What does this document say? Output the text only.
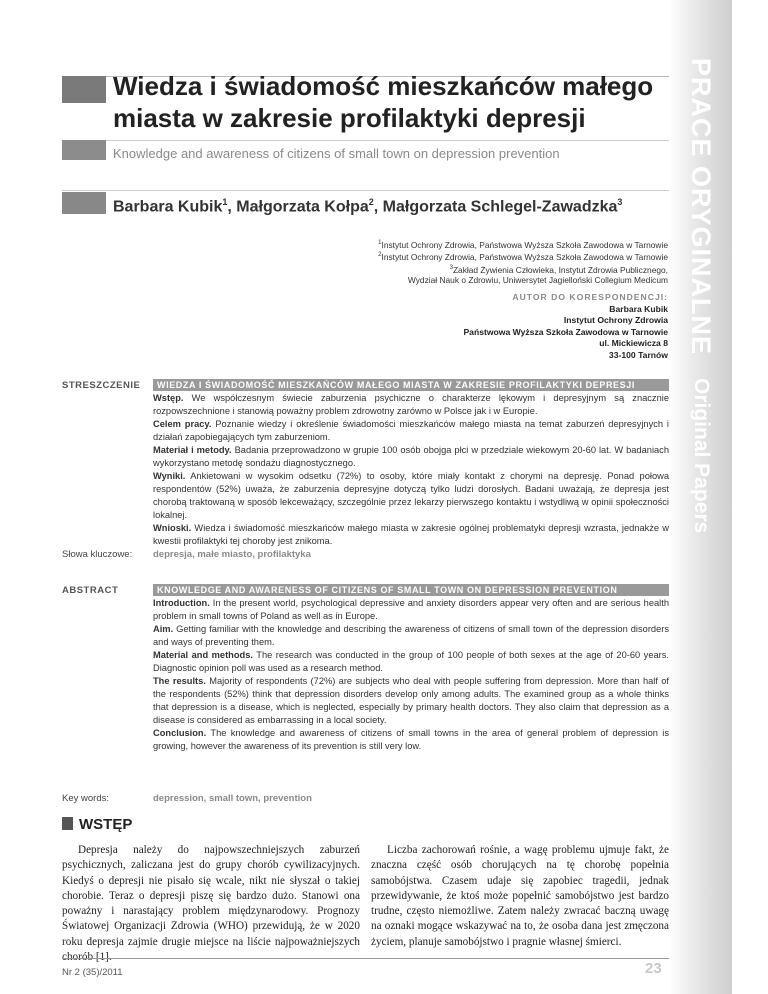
PRACE ORYGINALNE
Original Papers
Wiedza i świadomość mieszkańców małego miasta w zakresie profilaktyki depresji
Knowledge and awareness of citizens of small town on depression prevention
Barbara Kubik$^1$, Małgorzata Kołpa$^2$, Małgorzata Schlegel-Zawadzka$^3$
$^1$Instytut Ochrony Zdrowia, Państwowa Wyższa Szkoła Zawodowa w Tarnowie
$^2$Instytut Ochrony Zdrowia, Państwowa Wyższa Szkoła Zawodowa w Tarnowie
$^3$Zakład Żywienia Człowieka, Instytut Zdrowia Publicznego,
Wydział Nauk o Zdrowiu, Uniwersytet Jagielloński Collegium Medicum
AUTOR DO KORESPONDENCJI:
Barbara Kubik
Instytut Ochrony Zdrowia
Państwowa Wyższa Szkoła Zawodowa w Tarnowie
ul. Mickiewicza 8
33-100 Tarnów
STRESZCZENIE	WIEDZA I ŚWIADOMOŚĆ MIESZKAŃCÓW MAŁEGO MIASTA W ZAKRESIE PROFILAKTYKI DEPRESJI

Wstęp. We współczesnym świecie zaburzenia psychiczne o charakterze lękowym i depresyjnym są znacznie rozpowszechnione i stanowią poważny problem zdrowotny zarówno w Polsce jak i w Europie.

Celem pracy. Poznanie wiedzy i określenie świadomości mieszkańców małego miasta na temat zaburzeń depresyjnych i działań zapobiegających tym zaburzeniom.

Materiał i metody. Badania przeprowadzono w grupie 100 osób obojga płci w przedziale wiekowym 20-60 lat. W badaniach wykorzystano metodę sondażu diagnostycznego.

Wyniki. Ankietowani w wysokim odsetku (72%) to osoby, które miały kontakt z chorymi na depresję. Ponad połowa respondentów (52%) uważa, że zaburzenia depresyjne dotyczą tylko ludzi dorosłych. Badani uważają, że depresja jest chorobą traktowaną w sposób lekceważący, szczególnie przez lekarzy pierwszego kontaktu i wstydliwą w opinii społeczności lokalnej.

Wnioski. Wiedza i świadomość mieszkańców małego miasta w zakresie ogólnej problematyki depresji wzrasta, jednakże w kwestii profilaktyki tej choroby jest znikoma.

Słowa kluczowe: depresja, małe miasto, profilaktyka
ABSTRACT	KNOWLEDGE AND AWARENESS OF CITIZENS OF SMALL TOWN ON DEPRESSION PREVENTION

Introduction. In the present world, psychological depressive and anxiety disorders appear very often and are serious health problem in small towns of Poland as well as in Europe.

Aim. Getting familiar with the knowledge and describing the awareness of citizens of small town of the depression disorders and ways of preventing them.

Material and methods. The research was conducted in the group of 100 people of both sexes at the age of 20-60 years. Diagnostic opinion poll was used as a research method.

The results. Majority of respondents (72%) are subjects who deal with people suffering from depression. More than half of the respondents (52%) think that depression disorders develop only among adults. The examined group as a whole thinks that depression is a disease, which is neglected, especially by primary health doctors. They also claim that depression as a disease is considered as embarrassing in a local society.

Conclusion. The knowledge and awareness of citizens of small towns in the area of general problem of depression is growing, however the awareness of its prevention is still very low.

Key words:	depression, small town, prevention
WSTĘP

Depresja należy do najpowszechniejszych zaburzeń psychicznych, zaliczana jest do grupy chorób cywilizacyjnych. Kiedyś o depresji nie pisało się wcale, nikt nie słyszał o takiej chorobie. Teraz o depresji piszę się bardzo dużo. Stanowi ona poważny i narastający problem międzynarodowy. Prognozy Światowej Organizacji Zdrowia (WHO) przewidują, że w 2020 roku depresja zajmie drugie miejsce na liście najpoważniejszych

Liczba zachorowań rośnie, a wagę problemu ujmuje fakt, że znaczna część osób chorujących na tę chorobę popełnia samobójstwa. Czasem udaje się zapobiec tragedii, jednak przewidywanie, że ktoś może popełnić samobójstwo jest bardzo trudne, często niemożliwe. Zatem należy zwracać baczną uwagę na oznaki mogące wskazywać na to, że osoba dana jest zmęczona życiem, planuje samobójstwo i pragnie własnej śmierci.

Nr 2 (35)/2011	23
